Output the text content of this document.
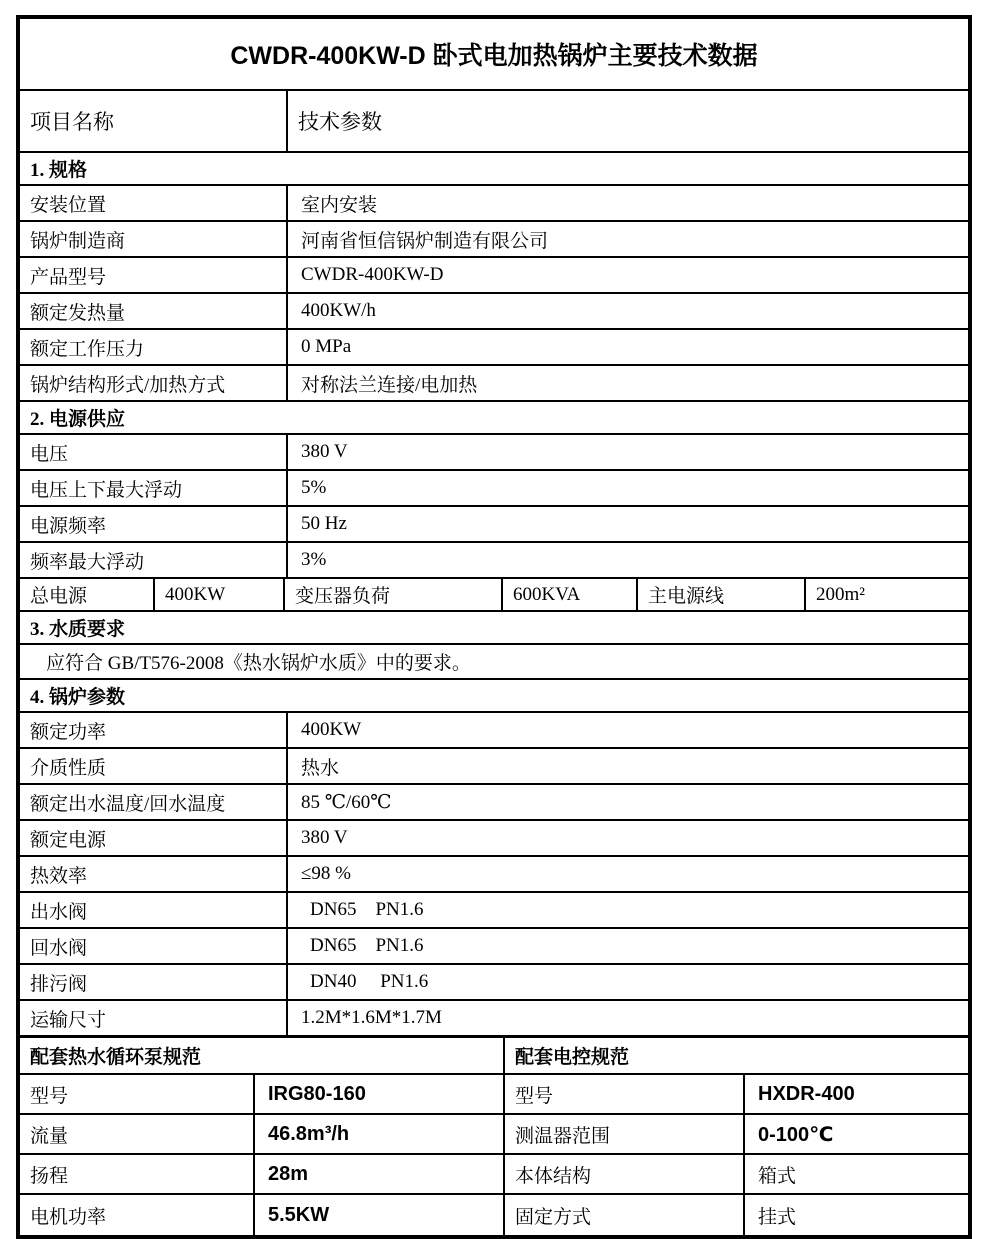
CWDR-400KW-D 卧式电加热锅炉主要技术数据
项目名称	技术参数
1. 规格
安装位置	室内安装
锅炉制造商	河南省恒信锅炉制造有限公司
产品型号	CWDR-400KW-D
额定发热量	400KW/h
额定工作压力	0 MPa
锅炉结构形式/加热方式	对称法兰连接/电加热
2. 电源供应
电压	380 V
电压上下最大浮动	5%
电源频率	50 Hz
频率最大浮动	3%
总电源	400KW	变压器负荷	600KVA	主电源线	200m²
3. 水质要求
应符合 GB/T576-2008《热水锅炉水质》中的要求。
4. 锅炉参数
额定功率	400KW
介质性质	热水
额定出水温度/回水温度	85 ℃/60℃
额定电源	380 V
热效率	≤98 %
出水阀	DN65    PN1.6
回水阀	DN65    PN1.6
排污阀	DN40     PN1.6
运输尺寸	1.2M*1.6M*1.7M
配套热水循环泵规范	配套电控规范
型号	IRG80-160	型号	HXDR-400
流量	46.8m³/h	测温器范围	0-100℃
扬程	28m	本体结构	箱式
电机功率	5.5KW	固定方式	挂式
